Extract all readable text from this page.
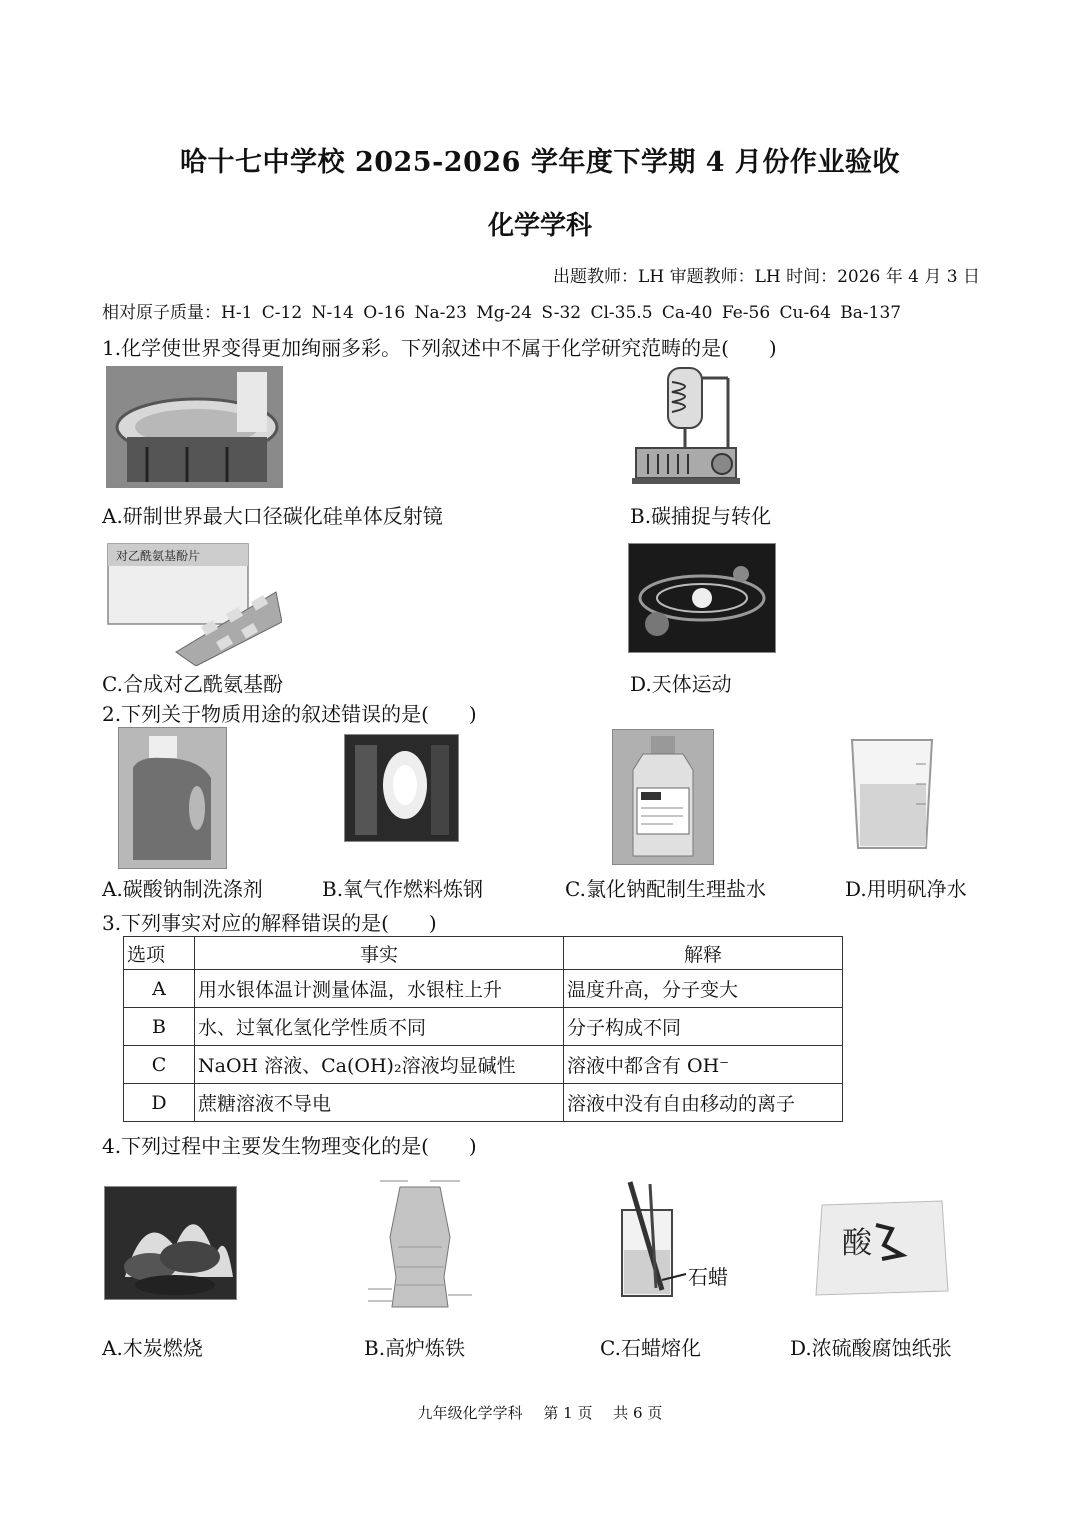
哈十七中学校 2025-2026 学年度下学期 4 月份作业验收
化学学科
出题教师：LH 审题教师：LH 时间：2026 年 4 月 3 日
相对原子质量：H-1 C-12 N-14 O-16 Na-23 Mg-24 S-32 Cl-35.5 Ca-40 Fe-56 Cu-64 Ba-137
1.化学使世界变得更加绚丽多彩。下列叙述中不属于化学研究范畴的是(　　)
A.研制世界最大口径碳化硅单体反射镜	B.碳捕捉与转化
对乙酰氨基酚片
C.合成对乙酰氨基酚	D.天体运动
2.下列关于物质用途的叙述错误的是(　　)
A.碳酸钠制洗涤剂	B.氧气作燃料炼钢	C.氯化钠配制生理盐水	D.用明矾净水
3.下列事实对应的解释错误的是(　　)
选项	事实	解释
A	用水银体温计测量体温，水银柱上升	温度升高，分子变大
B	水、过氧化氢化学性质不同	分子构成不同
C	NaOH 溶液、Ca(OH)₂溶液均显碱性	溶液中都含有 OH⁻
D	蔗糖溶液不导电	溶液中没有自由移动的离子
4.下列过程中主要发生物理变化的是(　　)
石蜡
酸
A.木炭燃烧	B.高炉炼铁	C.石蜡熔化	D.浓硫酸腐蚀纸张
九年级化学学科 第 1 页 共 6 页
